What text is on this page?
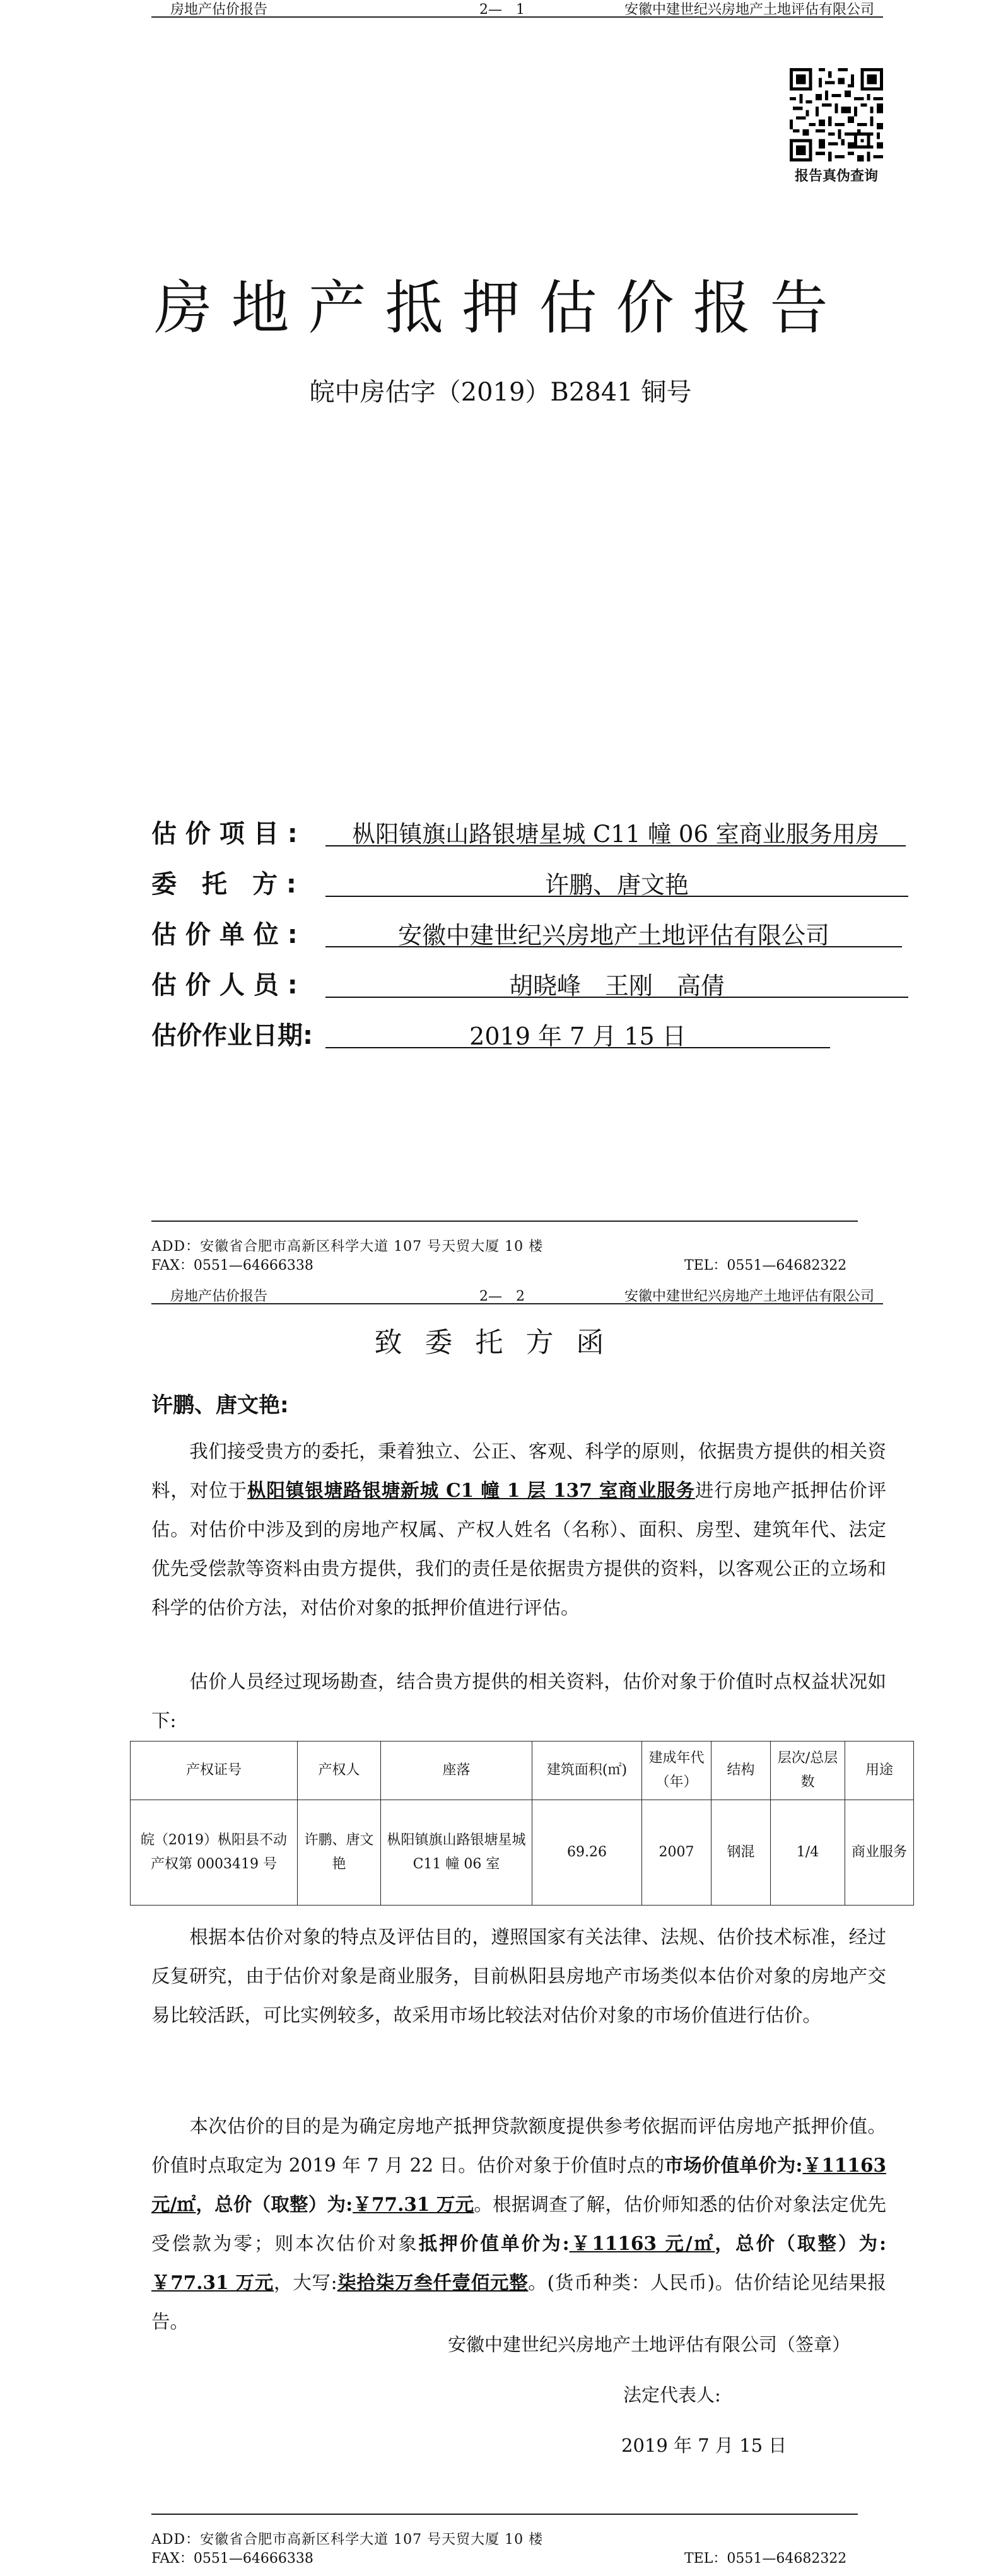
房地产估价报告	2—　1	安徽中建世纪兴房地产土地评估有限公司
报告真伪查询
房地产抵押估价报告
皖中房估字（2019）B2841 铜号
估 价 项 目 :	枞阳镇旗山路银塘星城 C11 幢 06 室商业服务用房
委　托　方 :	许鹏、唐文艳
估 价 单 位 :	安徽中建世纪兴房地产土地评估有限公司
估 价 人 员 :	胡晓峰　王刚　高倩
估价作业日期:	2019 年 7 月 15 日
ADD：安徽省合肥市高新区科学大道 107 号天贸大厦 10 楼
FAX：0551—64666338	TEL：0551—64682322
房地产估价报告	2—　2	安徽中建世纪兴房地产土地评估有限公司
致委托方函
许鹏、唐文艳:
我们接受贵方的委托，秉着独立、公正、客观、科学的原则，依据贵方提供的相关资料，对位于枞阳镇银塘路银塘新城 C1 幢 1 层 137 室商业服务进行房地产抵押估价评估。对估价中涉及到的房地产权属、产权人姓名（名称）、面积、房型、建筑年代、法定优先受偿款等资料由贵方提供，我们的责任是依据贵方提供的资料，以客观公正的立场和科学的估价方法，对估价对象的抵押价值进行评估。
估价人员经过现场勘查，结合贵方提供的相关资料，估价对象于价值时点权益状况如下:
产权证号	产权人	座落	建筑面积(㎡)	建成年代（年）	结构	层次/总层数	用途
皖（2019）枞阳县不动产权第 0003419 号	许鹏、唐文艳	枞阳镇旗山路银塘星城 C11 幢 06 室	69.26	2007	钢混	1/4	商业服务
根据本估价对象的特点及评估目的，遵照国家有关法律、法规、估价技术标准，经过反复研究，由于估价对象是商业服务，目前枞阳县房地产市场类似本估价对象的房地产交易比较活跃，可比实例较多，故采用市场比较法对估价对象的市场价值进行估价。
本次估价的目的是为确定房地产抵押贷款额度提供参考依据而评估房地产抵押价值。价值时点取定为 2019 年 7 月 22 日。估价对象于价值时点的市场价值单价为:￥11163 元/㎡，总价（取整）为:￥77.31 万元。根据调查了解，估价师知悉的估价对象法定优先受偿款为零；则本次估价对象抵押价值单价为:￥11163 元/㎡，总价（取整）为:￥77.31 万元，大写:柒拾柒万叁仟壹佰元整。(货币种类：人民币)。估价结论见结果报告。
安徽中建世纪兴房地产土地评估有限公司（签章）
法定代表人:
2019 年 7 月 15 日
ADD：安徽省合肥市高新区科学大道 107 号天贸大厦 10 楼
FAX：0551—64666338	TEL：0551—64682322
